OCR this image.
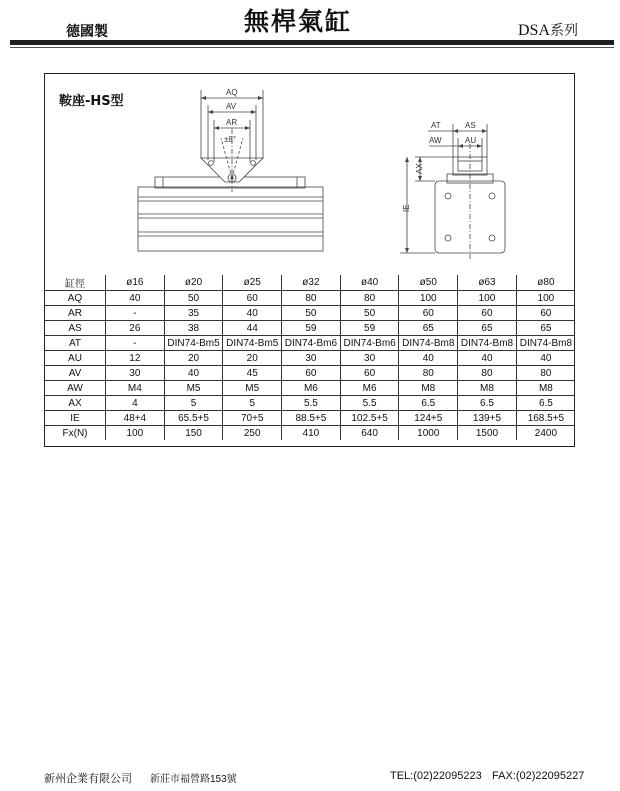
德國製	無桿氣缸	DSA系列
鞍座-HS型
AQ
AV
AR
±8°
AT	AS
AW	AU
AX
IE
缸徑	ø16	ø20	ø25	ø32	ø40	ø50	ø63	ø80
AQ	40	50	60	80	80	100	100	100
AR	-	35	40	50	50	60	60	60
AS	26	38	44	59	59	65	65	65
AT	-	DIN74-Bm5	DIN74-Bm5	DIN74-Bm6	DIN74-Bm6	DIN74-Bm8	DIN74-Bm8	DIN74-Bm8
AU	12	20	20	30	30	40	40	40
AV	30	40	45	60	60	80	80	80
AW	M4	M5	M5	M6	M6	M8	M8	M8
AX	4	5	5	5.5	5.5	6.5	6.5	6.5
IE	48+4	65.5+5	70+5	88.5+5	102.5+5	124+5	139+5	168.5+5
Fx(N)	100	150	250	410	640	1000	1500	2400
新州企業有限公司 新莊市福營路153號	TEL:(02)22095223 FAX:(02)22095227
